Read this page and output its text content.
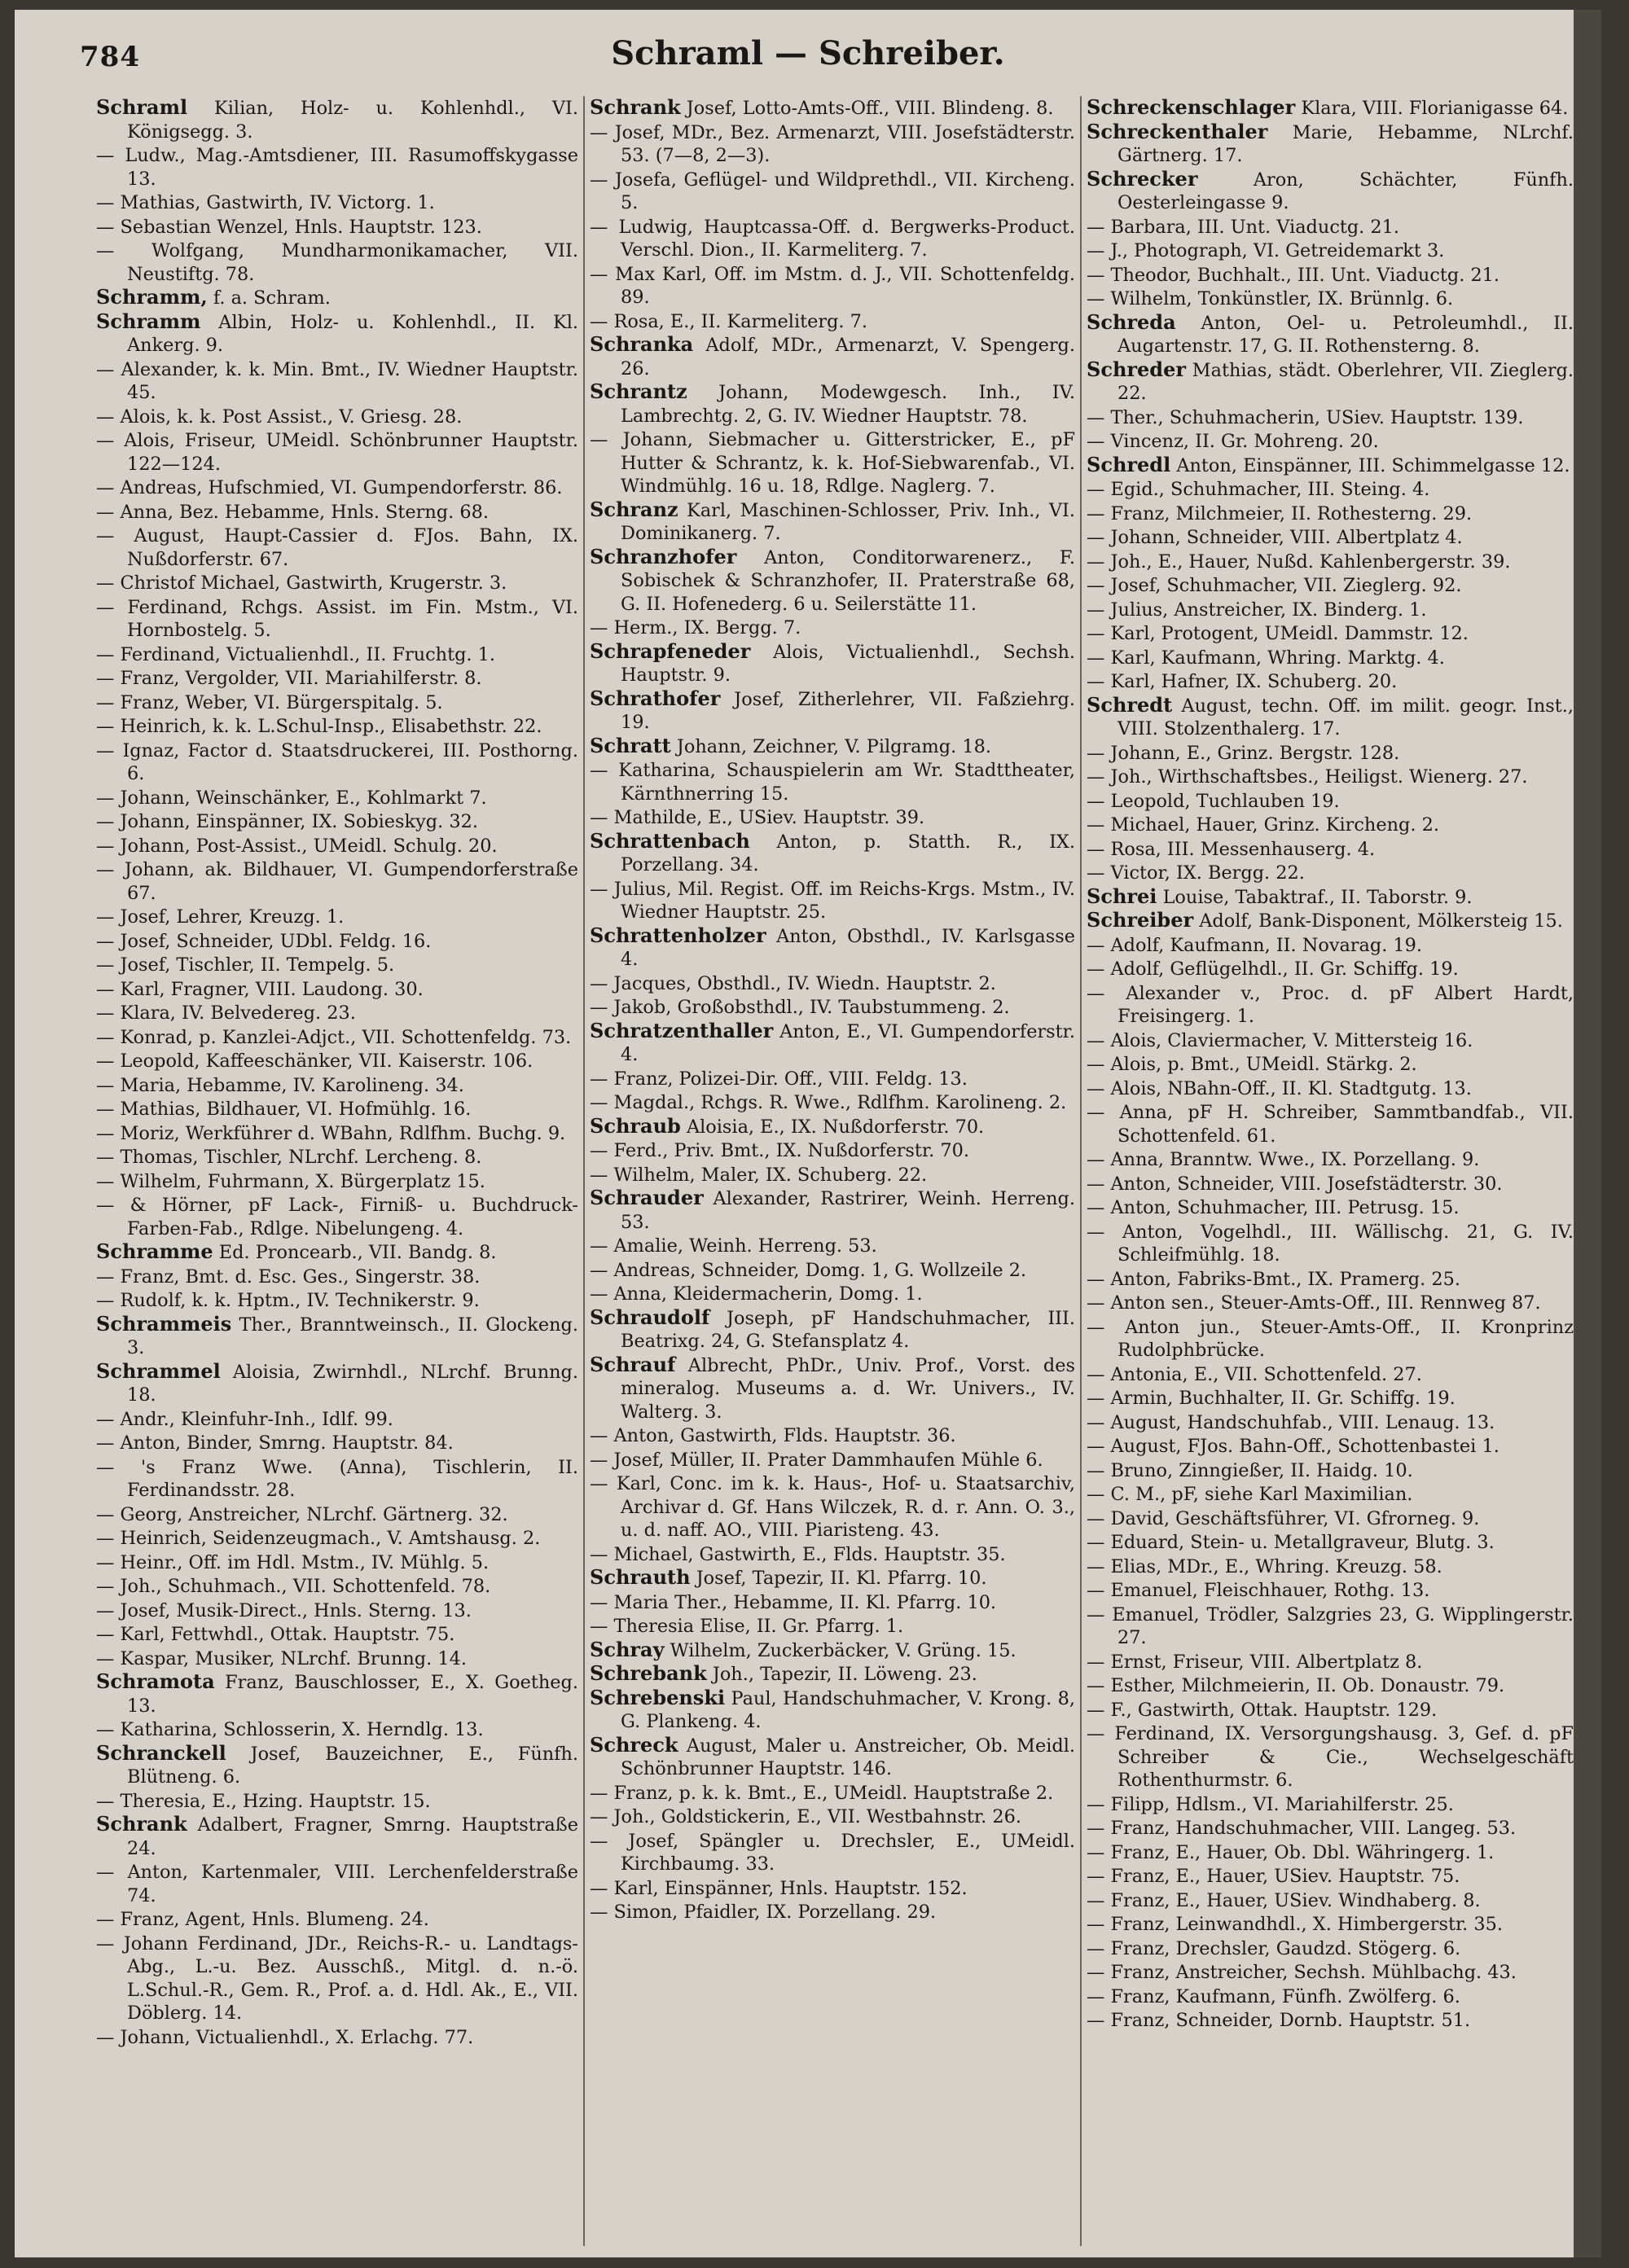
784	Schraml — Schreiber.

Schraml Kilian, Holz- u. Kohlenhdl., VI. Königsegg. 3.

— Ludw., Mag.-Amtsdiener, III. Rasumoffskygasse 13.

— Mathias, Gastwirth, IV. Victorg. 1.

— Sebastian Wenzel, Hnls. Hauptstr. 123.

— Wolfgang, Mundharmonikamacher, VII. Neustiftg. 78.

Schramm, f. a. Schram.

Schramm Albin, Holz- u. Kohlenhdl., II. Kl. Ankerg. 9.

— Alexander, k. k. Min. Bmt., IV. Wiedner Hauptstr. 45.

— Alois, k. k. Post Assist., V. Griesg. 28.

— Alois, Friseur, UMeidl. Schönbrunner Hauptstr. 122—124.

— Andreas, Hufschmied, VI. Gumpendorferstr. 86.

— Anna, Bez. Hebamme, Hnls. Sterng. 68.

— August, Haupt-Cassier d. FJos. Bahn, IX. Nußdorferstr. 67.

— Christof Michael, Gastwirth, Krugerstr. 3.

— Ferdinand, Rchgs. Assist. im Fin. Mstm., VI. Hornbostelg. 5.

— Ferdinand, Victualienhdl., II. Fruchtg. 1.

— Franz, Vergolder, VII. Mariahilferstr. 8.

— Franz, Weber, VI. Bürgerspitalg. 5.

— Heinrich, k. k. L.Schul-Insp., Elisabethstr. 22.

— Ignaz, Factor d. Staatsdruckerei, III. Posthorng. 6.

— Johann, Weinschänker, E., Kohlmarkt 7.

— Johann, Einspänner, IX. Sobieskyg. 32.

— Johann, Post-Assist., UMeidl. Schulg. 20.

— Johann, ak. Bildhauer, VI. Gumpendorferstraße 67.

— Josef, Lehrer, Kreuzg. 1.

— Josef, Schneider, UDbl. Feldg. 16.

— Josef, Tischler, II. Tempelg. 5.

— Karl, Fragner, VIII. Laudong. 30.

— Klara, IV. Belvedereg. 23.

— Konrad, p. Kanzlei-Adjct., VII. Schottenfeldg. 73.

— Leopold, Kaffeeschänker, VII. Kaiserstr. 106.

— Maria, Hebamme, IV. Karolineng. 34.

— Mathias, Bildhauer, VI. Hofmühlg. 16.

— Moriz, Werkführer d. WBahn, Rdlfhm. Buchg. 9.

— Thomas, Tischler, NLrchf. Lercheng. 8.

— Wilhelm, Fuhrmann, X. Bürgerplatz 15.

— & Hörner, pF Lack-, Firniß- u. Buchdruck-Farben-Fab., Rdlge. Nibelungeng. 4.

Schramme Ed. Proncearb., VII. Bandg. 8.

— Franz, Bmt. d. Esc. Ges., Singerstr. 38.

— Rudolf, k. k. Hptm., IV. Technikerstr. 9.

Schrammeis Ther., Branntweinsch., II. Glockeng. 3.

Schrammel Aloisia, Zwirnhdl., NLrchf. Brunng. 18.

— Andr., Kleinfuhr-Inh., Idlf. 99.

— Anton, Binder, Smrng. Hauptstr. 84.

— 's Franz Wwe. (Anna), Tischlerin, II. Ferdinandsstr. 28.

— Georg, Anstreicher, NLrchf. Gärtnerg. 32.

— Heinrich, Seidenzeugmach., V. Amtshausg. 2.

— Heinr., Off. im Hdl. Mstm., IV. Mühlg. 5.

— Joh., Schuhmach., VII. Schottenfeld. 78.

— Josef, Musik-Direct., Hnls. Sterng. 13.

— Karl, Fettwhdl., Ottak. Hauptstr. 75.

— Kaspar, Musiker, NLrchf. Brunng. 14.

Schramota Franz, Bauschlosser, E., X. Goetheg. 13.

— Katharina, Schlosserin, X. Herndlg. 13.

Schranckell Josef, Bauzeichner, E., Fünfh. Blütneng. 6.

— Theresia, E., Hzing. Hauptstr. 15.

Schrank Adalbert, Fragner, Smrng. Hauptstraße 24.

— Anton, Kartenmaler, VIII. Lerchenfelderstraße 74.

— Franz, Agent, Hnls. Blumeng. 24.

— Johann Ferdinand, JDr., Reichs-R.- u. Landtags-Abg., L.-u. Bez. Ausschß., Mitgl. d. n.-ö. L.Schul.-R., Gem. R., Prof. a. d. Hdl. Ak., E., VII. Döblerg. 14.

— Johann, Victualienhdl., X. Erlachg. 77.

Schrank Josef, Lotto-Amts-Off., VIII. Blindeng. 8.

— Josef, MDr., Bez. Armenarzt, VIII. Josefstädterstr. 53. (7—8, 2—3).

— Josefa, Geflügel- und Wildprethdl., VII. Kircheng. 5.

— Ludwig, Hauptcassa-Off. d. Bergwerks-Product. Verschl. Dion., II. Karmeliterg. 7.

— Max Karl, Off. im Mstm. d. J., VII. Schottenfeldg. 89.

— Rosa, E., II. Karmeliterg. 7.

Schranka Adolf, MDr., Armenarzt, V. Spengerg. 26.

Schrantz Johann, Modewgesch. Inh., IV. Lambrechtg. 2, G. IV. Wiedner Hauptstr. 78.

— Johann, Siebmacher u. Gitterstricker, E., pF Hutter & Schrantz, k. k. Hof-Siebwarenfab., VI. Windmühlg. 16 u. 18, Rdlge. Naglerg. 7.

Schranz Karl, Maschinen-Schlosser, Priv. Inh., VI. Dominikanerg. 7.

Schranzhofer Anton, Conditorwarenerz., F. Sobischek & Schranzhofer, II. Praterstraße 68, G. II. Hofenederg. 6 u. Seilerstätte 11.

— Herm., IX. Bergg. 7.

Schrapfeneder Alois, Victualienhdl., Sechsh. Hauptstr. 9.

Schrathofer Josef, Zitherlehrer, VII. Faßziehrg. 19.

Schratt Johann, Zeichner, V. Pilgramg. 18.

— Katharina, Schauspielerin am Wr. Stadttheater, Kärnthnerring 15.

— Mathilde, E., USiev. Hauptstr. 39.

Schrattenbach Anton, p. Statth. R., IX. Porzellang. 34.

— Julius, Mil. Regist. Off. im Reichs-Krgs. Mstm., IV. Wiedner Hauptstr. 25.

Schrattenholzer Anton, Obsthdl., IV. Karlsgasse 4.

— Jacques, Obsthdl., IV. Wiedn. Hauptstr. 2.

— Jakob, Großobsthdl., IV. Taubstummeng. 2.

Schratzenthaller Anton, E., VI. Gumpendorferstr. 4.

— Franz, Polizei-Dir. Off., VIII. Feldg. 13.

— Magdal., Rchgs. R. Wwe., Rdlfhm. Karolineng. 2.

Schraub Aloisia, E., IX. Nußdorferstr. 70.

— Ferd., Priv. Bmt., IX. Nußdorferstr. 70.

— Wilhelm, Maler, IX. Schuberg. 22.

Schrauder Alexander, Rastrirer, Weinh. Herreng. 53.

— Amalie, Weinh. Herreng. 53.

— Andreas, Schneider, Domg. 1, G. Wollzeile 2.

— Anna, Kleidermacherin, Domg. 1.

Schraudolf Joseph, pF Handschuhmacher, III. Beatrixg. 24, G. Stefansplatz 4.

Schrauf Albrecht, PhDr., Univ. Prof., Vorst. des mineralog. Museums a. d. Wr. Univers., IV. Walterg. 3.

— Anton, Gastwirth, Flds. Hauptstr. 36.

— Josef, Müller, II. Prater Dammhaufen Mühle 6.

— Karl, Conc. im k. k. Haus-, Hof- u. Staatsarchiv, Archivar d. Gf. Hans Wilczek, R. d. r. Ann. O. 3., u. d. naff. AO., VIII. Piaristeng. 43.

— Michael, Gastwirth, E., Flds. Hauptstr. 35.

Schrauth Josef, Tapezir, II. Kl. Pfarrg. 10.

— Maria Ther., Hebamme, II. Kl. Pfarrg. 10.

— Theresia Elise, II. Gr. Pfarrg. 1.

Schray Wilhelm, Zuckerbäcker, V. Grüng. 15.

Schrebank Joh., Tapezir, II. Löweng. 23.

Schrebenski Paul, Handschuhmacher, V. Krong. 8, G. Plankeng. 4.

Schreck August, Maler u. Anstreicher, Ob. Meidl. Schönbrunner Hauptstr. 146.

— Franz, p. k. k. Bmt., E., UMeidl. Hauptstraße 2.

— Joh., Goldstickerin, E., VII. Westbahnstr. 26.

— Josef, Spängler u. Drechsler, E., UMeidl. Kirchbaumg. 33.

— Karl, Einspänner, Hnls. Hauptstr. 152.

— Simon, Pfaidler, IX. Porzellang. 29.

Schreckenschlager Klara, VIII. Florianigasse 64.

Schreckenthaler Marie, Hebamme, NLrchf. Gärtnerg. 17.

Schrecker	Aron, Schächter, Fünfh. Oesterleingasse 9.

— Barbara, III. Unt. Viaductg. 21.

— J., Photograph, VI. Getreidemarkt 3.

— Theodor, Buchhalt., III. Unt. Viaductg. 21.

— Wilhelm, Tonkünstler, IX. Brünnlg. 6.

Schreda Anton, Oel- u. Petroleumhdl., II. Augartenstr. 17, G. II. Rothensterng. 8.

Schreder Mathias, städt. Oberlehrer, VII. Zieglerg. 22.

— Ther., Schuhmacherin, USiev. Hauptstr. 139.

— Vincenz, II. Gr. Mohreng. 20.

Schredl Anton, Einspänner, III. Schimmelgasse 12.

— Egid., Schuhmacher, III. Steing. 4.

— Franz, Milchmeier, II. Rothesterng. 29.

— Johann, Schneider, VIII. Albertplatz 4.

— Joh., E., Hauer, Nußd. Kahlenbergerstr. 39.

— Josef, Schuhmacher, VII. Zieglerg. 92.

— Julius, Anstreicher, IX. Binderg. 1.

— Karl, Protogent, UMeidl. Dammstr. 12.

— Karl, Kaufmann, Whring. Marktg. 4.

— Karl, Hafner, IX. Schuberg. 20.

Schredt August, techn. Off. im milit. geogr. Inst., VIII. Stolzenthalerg. 17.

— Johann, E., Grinz. Bergstr. 128.

— Joh., Wirthschaftsbes., Heiligst. Wienerg. 27.

— Leopold, Tuchlauben 19.

— Michael, Hauer, Grinz. Kircheng. 2.

— Rosa, III. Messenhauserg. 4.

— Victor, IX. Bergg. 22.

Schrei Louise, Tabaktraf., II. Taborstr. 9.

Schreiber Adolf, Bank-Disponent, Mölkersteig 15.

— Adolf, Kaufmann, II. Novarag. 19.

— Adolf, Geflügelhdl., II. Gr. Schiffg. 19.

— Alexander v., Proc. d. pF Albert Hardt, Freisingerg. 1.

— Alois, Claviermacher, V. Mittersteig 16.

— Alois, p. Bmt., UMeidl. Stärkg. 2.

— Alois, NBahn-Off., II. Kl. Stadtgutg. 13.

— Anna, pF H. Schreiber, Sammtbandfab., VII. Schottenfeld. 61.

— Anna, Branntw. Wwe., IX. Porzellang. 9.

— Anton, Schneider, VIII. Josefstädterstr. 30.

— Anton, Schuhmacher, III. Petrusg. 15.

— Anton, Vogelhdl., III. Wällischg. 21, G. IV. Schleifmühlg. 18.

— Anton, Fabriks-Bmt., IX. Pramerg. 25.

— Anton sen., Steuer-Amts-Off., III. Rennweg 87.

— Anton jun., Steuer-Amts-Off., II. Kronprinz Rudolphbrücke.

— Antonia, E., VII. Schottenfeld. 27.

— Armin, Buchhalter, II. Gr. Schiffg. 19.

— August, Handschuhfab., VIII. Lenaug. 13.

— August, FJos. Bahn-Off., Schottenbastei 1.

— Bruno, Zinngießer, II. Haidg. 10.

— C. M., pF, siehe Karl Maximilian.

— David, Geschäftsführer, VI. Gfrorneg. 9.

— Eduard, Stein- u. Metallgraveur, Blutg. 3.

— Elias, MDr., E., Whring. Kreuzg. 58.

— Emanuel, Fleischhauer, Rothg. 13.

— Emanuel, Trödler, Salzgries 23, G. Wipplingerstr. 27.

— Ernst, Friseur, VIII. Albertplatz 8.

— Esther, Milchmeierin, II. Ob. Donaustr. 79.

— F., Gastwirth, Ottak. Hauptstr. 129.

— Ferdinand, IX. Versorgungshausg. 3, Gef. d. pF Schreiber & Cie., Wechselgeschäft Rothenthurmstr. 6.

— Filipp, Hdlsm., VI. Mariahilferstr. 25.

— Franz, Handschuhmacher, VIII. Langeg. 53.

— Franz, E., Hauer, Ob. Dbl. Währingerg. 1.

— Franz, E., Hauer, USiev. Hauptstr. 75.

— Franz, E., Hauer, USiev. Windhaberg. 8.

— Franz, Leinwandhdl., X. Himbergerstr. 35.

— Franz, Drechsler, Gaudzd. Stögerg. 6.

— Franz, Anstreicher, Sechsh. Mühlbachg. 43.

— Franz, Kaufmann, Fünfh. Zwölferg. 6.

— Franz, Schneider, Dornb. Hauptstr. 51.
